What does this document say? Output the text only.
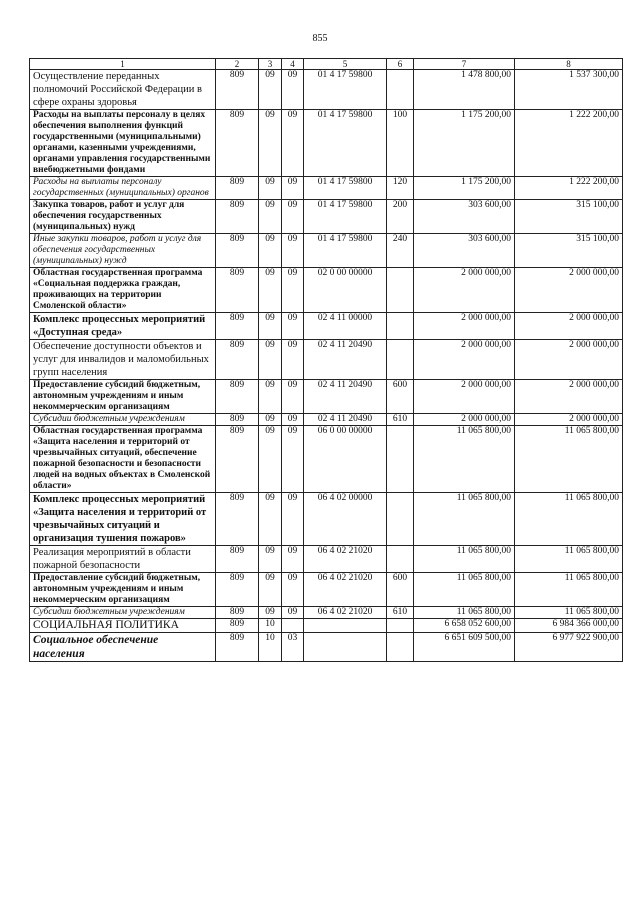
855
1	2	3	4	5	6	7	8
Осуществление переданных полномочий Российской Федерации в сфере охраны здоровья	809	09	09	01 4 17 59800		1 478 800,00	1 537 300,00
Расходы на выплаты персоналу в целях обеспечения выполнения функций государственными (муниципальными) органами, казенными учреждениями, органами управления государственными внебюджетными фондами	809	09	09	01 4 17 59800	100	1 175 200,00	1 222 200,00
Расходы на выплаты персоналу государственных (муниципальных) органов	809	09	09	01 4 17 59800	120	1 175 200,00	1 222 200,00
Закупка товаров, работ и услуг для обеспечения государственных (муниципальных) нужд	809	09	09	01 4 17 59800	200	303 600,00	315 100,00
Иные закупки товаров, работ и услуг для обеспечения государственных (муниципальных) нужд	809	09	09	01 4 17 59800	240	303 600,00	315 100,00
Областная государственная программа «Социальная поддержка граждан, проживающих на территории Смоленской области»	809	09	09	02 0 00 00000		2 000 000,00	2 000 000,00
Комплекс процессных мероприятий «Доступная среда»	809	09	09	02 4 11 00000		2 000 000,00	2 000 000,00
Обеспечение доступности объектов и услуг для инвалидов и маломобильных групп населения	809	09	09	02 4 11 20490		2 000 000,00	2 000 000,00
Предоставление субсидий бюджетным, автономным учреждениям и иным некоммерческим организациям	809	09	09	02 4 11 20490	600	2 000 000,00	2 000 000,00
Субсидии бюджетным учреждениям	809	09	09	02 4 11 20490	610	2 000 000,00	2 000 000,00
Областная государственная программа «Защита населения и территорий от чрезвычайных ситуаций, обеспечение пожарной безопасности и безопасности людей на водных объектах в Смоленской области»	809	09	09	06 0 00 00000		11 065 800,00	11 065 800,00
Комплекс процессных мероприятий «Защита населения и территорий от чрезвычайных ситуаций и организация тушения пожаров»	809	09	09	06 4 02 00000		11 065 800,00	11 065 800,00
Реализация мероприятий в области пожарной безопасности	809	09	09	06 4 02 21020		11 065 800,00	11 065 800,00
Предоставление субсидий бюджетным, автономным учреждениям и иным некоммерческим организациям	809	09	09	06 4 02 21020	600	11 065 800,00	11 065 800,00
Субсидии бюджетным учреждениям	809	09	09	06 4 02 21020	610	11 065 800,00	11 065 800,00
СОЦИАЛЬНАЯ ПОЛИТИКА	809	10				6 658 052 600,00	6 984 366 000,00
Социальное обеспечение населения	809	10	03			6 651 609 500,00	6 977 922 900,00
